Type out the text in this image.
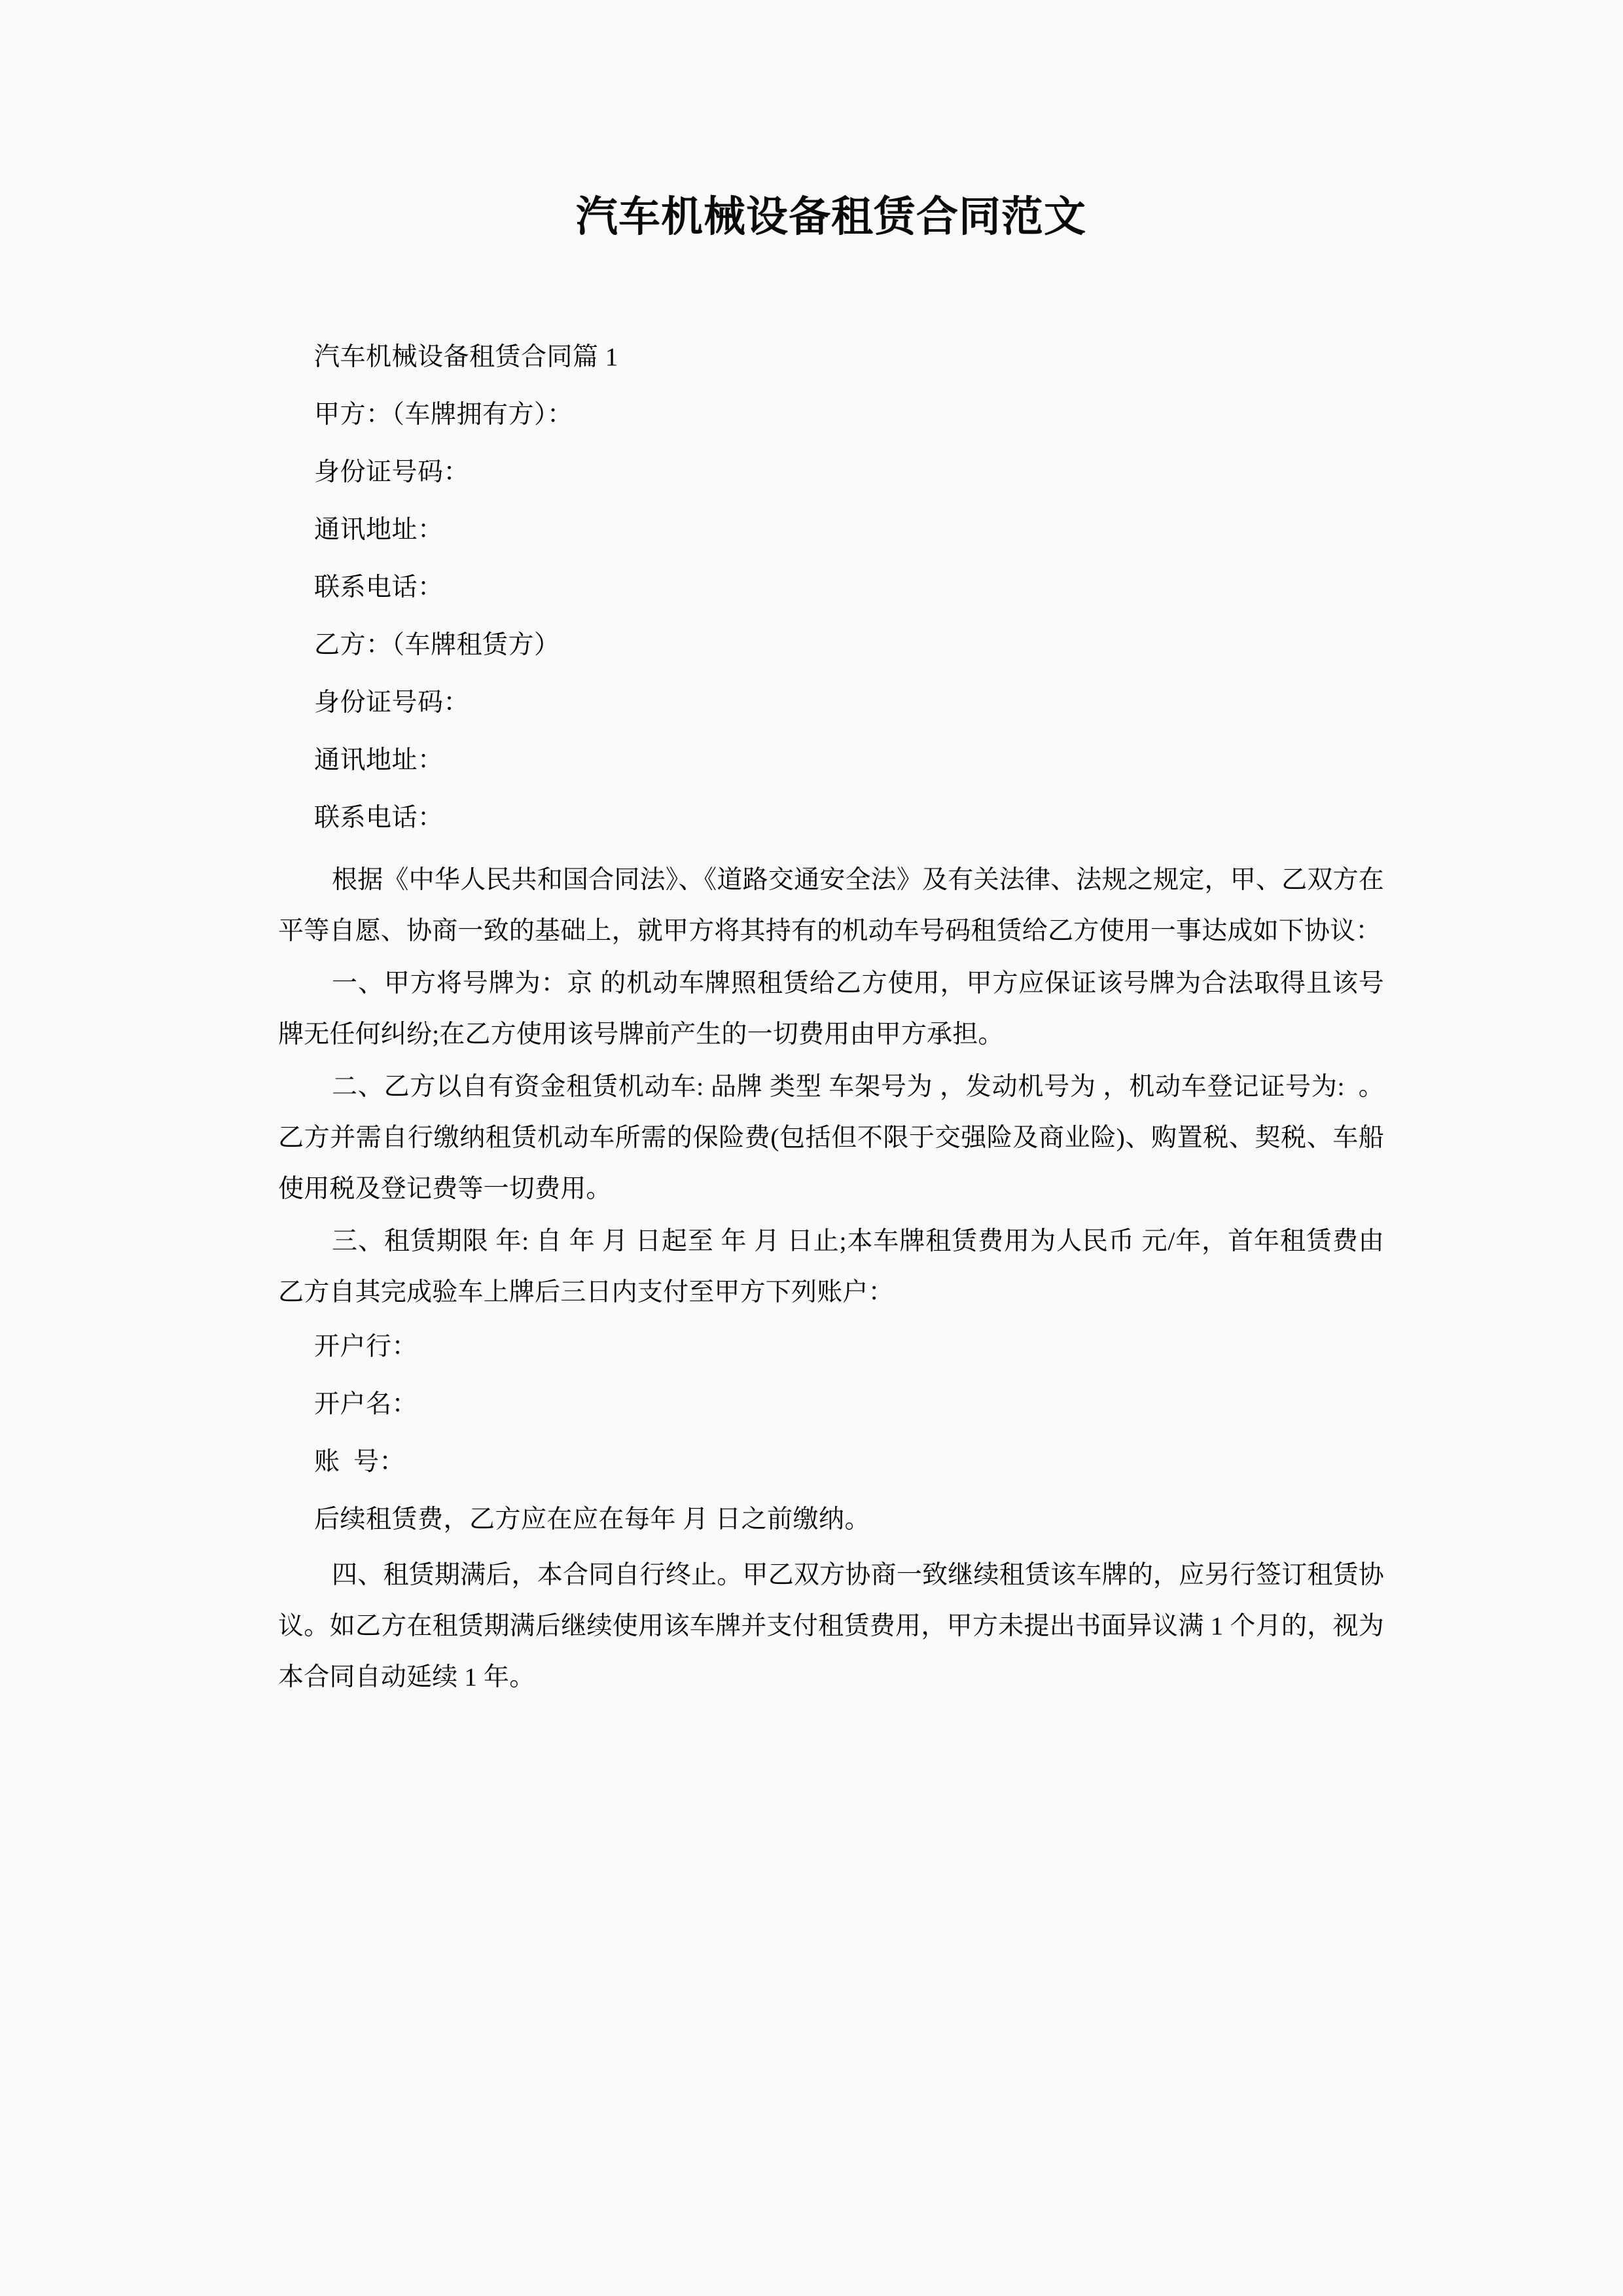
汽车机械设备租赁合同范文

汽车机械设备租赁合同篇 1

甲方：（车牌拥有方）：

身份证号码：

通讯地址：

联系电话：

乙方：（车牌租赁方）

身份证号码：

通讯地址：

联系电话：

根据《中华人民共和国合同法》、《道路交通安全法》及有关法律、法规之规定，甲、乙双方在平等自愿、协商一致的基础上，就甲方将其持有的机动车号码租赁给乙方使用一事达成如下协议：

一、甲方将号牌为：京 的机动车牌照租赁给乙方使用，甲方应保证该号牌为合法取得且该号牌无任何纠纷;在乙方使用该号牌前产生的一切费用由甲方承担。

二、乙方以自有资金租赁机动车: 品牌 类型 车架号为 ，发动机号为 ，机动车登记证号为:  。乙方并需自行缴纳租赁机动车所需的保险费(包括但不限于交强险及商业险)、购置税、契税、车船使用税及登记费等一切费用。

三、租赁期限 年: 自 年 月 日起至 年 月 日止;本车牌租赁费用为人民币 元/年，首年租赁费由乙方自其完成验车上牌后三日内支付至甲方下列账户：

开户行：

开户名：

账  号：

后续租赁费，乙方应在应在每年 月 日之前缴纳。

四、租赁期满后，本合同自行终止。甲乙双方协商一致继续租赁该车牌的，应另行签订租赁协议。如乙方在租赁期满后继续使用该车牌并支付租赁费用，甲方未提出书面异议满 1 个月的，视为本合同自动延续 1 年。
